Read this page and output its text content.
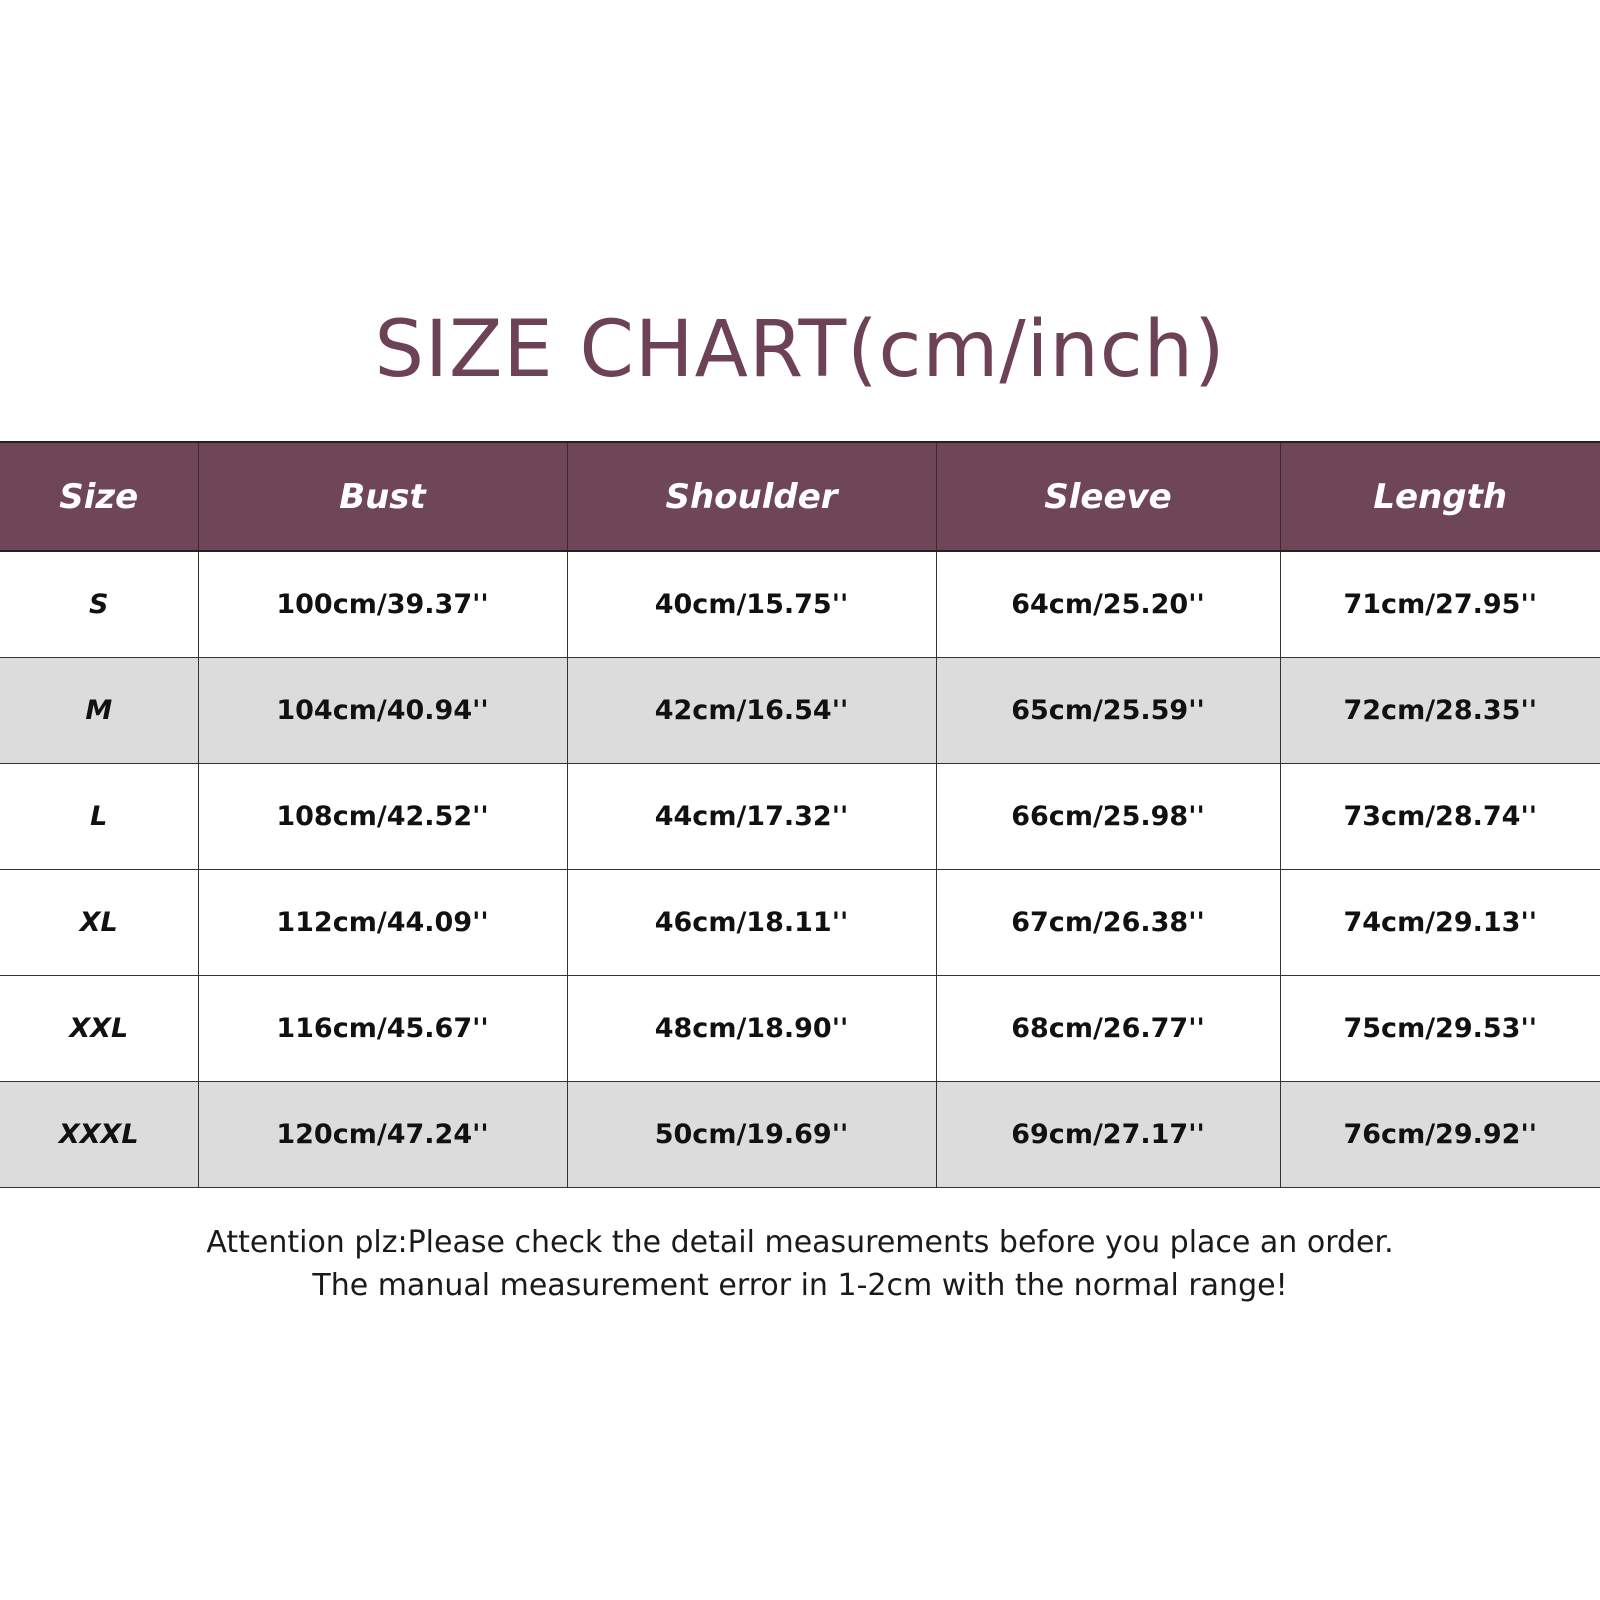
SIZE CHART(cm/inch)
Size	Bust	Shoulder	Sleeve	Length
S	100cm/39.37''	40cm/15.75''	64cm/25.20''	71cm/27.95''
M	104cm/40.94''	42cm/16.54''	65cm/25.59''	72cm/28.35''
L	108cm/42.52''	44cm/17.32''	66cm/25.98''	73cm/28.74''
XL	112cm/44.09''	46cm/18.11''	67cm/26.38''	74cm/29.13''
XXL	116cm/45.67''	48cm/18.90''	68cm/26.77''	75cm/29.53''
XXXL	120cm/47.24''	50cm/19.69''	69cm/27.17''	76cm/29.92''
Attention plz:Please check the detail measurements before you place an order.
The manual measurement error in 1-2cm with the normal range!
